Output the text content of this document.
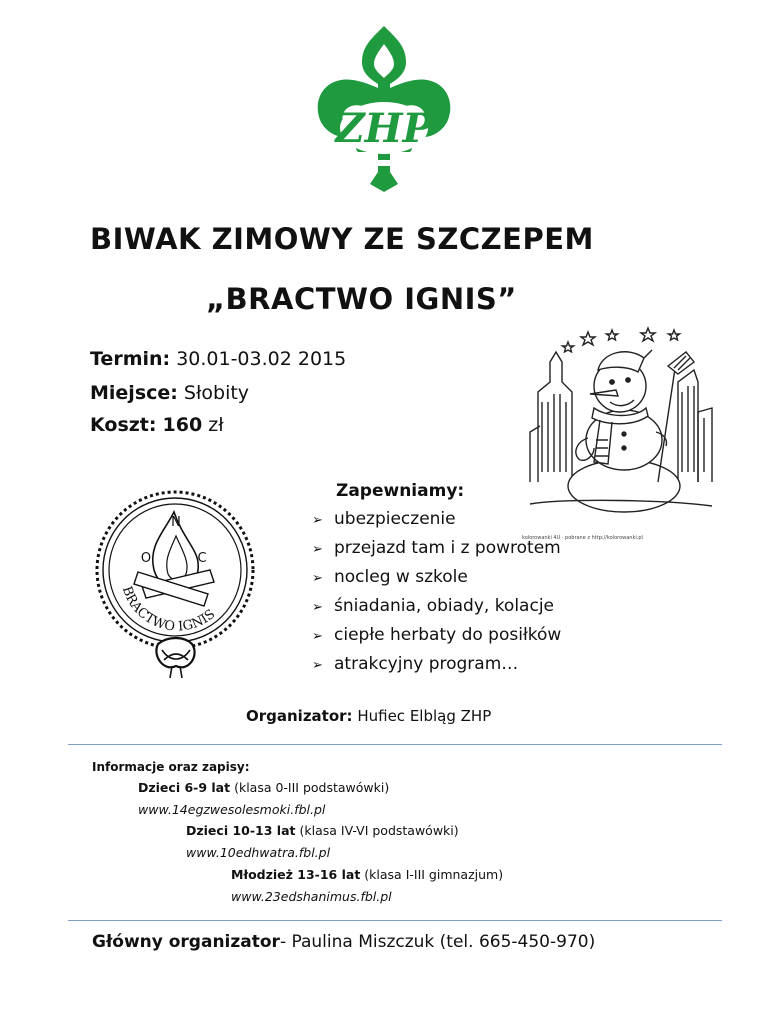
ZHP
BIWAK ZIMOWY ZE SZCZEPEM
„BRACTWO IGNIS”
Termin: 30.01-03.02 2015
Miejsce: Słobity
Koszt: 160 zł
kolorowanki 4U · pobrane z http://kolorowanki.pl
N
O	C
BRACTWO IGNIS
Zapewniamy:
➢ ubezpieczenie
➢ przejazd tam i z powrotem
➢ nocleg w szkole
➢ śniadania, obiady, kolacje
➢ ciepłe herbaty do posiłków
➢ atrakcyjny program…
Organizator: Hufiec Elbląg ZHP
Informacje oraz zapisy:
Dzieci 6-9 lat (klasa 0-III podstawówki)
www.14egzwesolesmoki.fbl.pl
Dzieci 10-13 lat (klasa IV-VI podstawówki)
www.10edhwatra.fbl.pl
Młodzież 13-16 lat (klasa I-III gimnazjum)
www.23edshanimus.fbl.pl
Główny organizator- Paulina Miszczuk (tel. 665-450-970)
